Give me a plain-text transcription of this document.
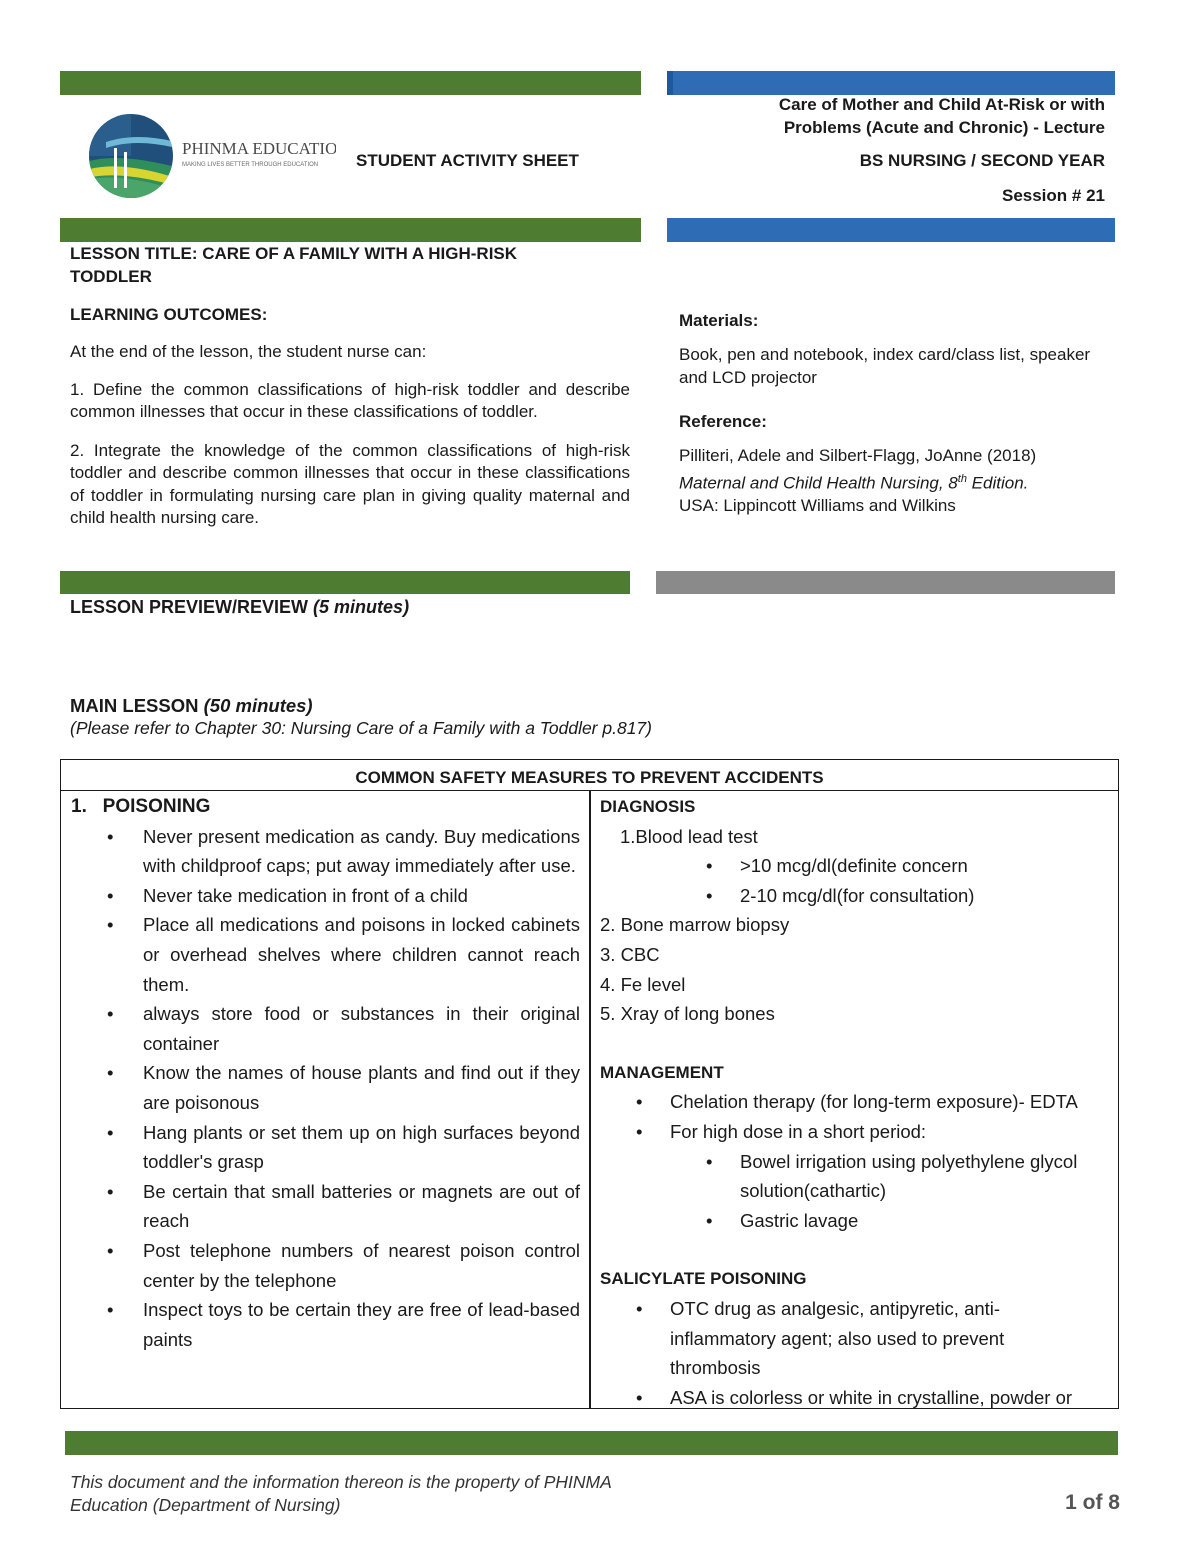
PHINMA EDUCATION
MAKING LIVES BETTER THROUGH EDUCATION STUDENT ACTIVITY SHEET
Care of Mother and Child At-Risk or with
Problems (Acute and Chronic) - Lecture
BS NURSING / SECOND YEAR
Session # 21
LESSON TITLE: CARE OF A FAMILY WITH A HIGH-RISK
TODDLER
LEARNING OUTCOMES:

At the end of the lesson, the student nurse can:

1. Define the common classifications of high-risk toddler and describe common illnesses that occur in these classifications of toddler.

2. Integrate the knowledge of the common classifications of high-risk toddler and describe common illnesses that occur in these classifications of toddler in formulating nursing care plan in giving quality maternal and child health nursing care.

Materials:

Book, pen and notebook, index card/class list, speaker and LCD projector

Reference:

Pilliteri, Adele and Silbert-Flagg, JoAnne (2018)

Maternal and Child Health Nursing, 8th Edition.

USA: Lippincott Williams and Wilkins

LESSON PREVIEW/REVIEW (5 minutes)
MAIN LESSON (50 minutes)
(Please refer to Chapter 30: Nursing Care of a Family with a Toddler p.817)
COMMON SAFETY MEASURES TO PREVENT ACCIDENTS
1.   POISONING
• Never present medication as candy. Buy medications with childproof caps; put away immediately after use.
• Never take medication in front of a child
• Place all medications and poisons in locked cabinets or overhead shelves where children cannot reach them.
• always store food or substances in their original container
• Know the names of house plants and find out if they are poisonous
• Hang plants or set them up on high surfaces beyond toddler's grasp
• Be certain that small batteries or magnets are out of reach
• Post telephone numbers of nearest poison control center by the telephone
• Inspect toys to be certain they are free of lead-based paints
DIAGNOSIS
1.Blood lead test
• >10 mcg/dl(definite concern
• 2-10 mcg/dl(for consultation)
2. Bone marrow biopsy
3. CBC
4. Fe level
5. Xray of long bones
MANAGEMENT
• Chelation therapy (for long-term exposure)- EDTA
• For high dose in a short period:
• Bowel irrigation using polyethylene glycol solution(cathartic)
• Gastric lavage
SALICYLATE POISONING
• OTC drug as analgesic, antipyretic, anti-inflammatory agent; also used to prevent thrombosis
• ASA is colorless or white in crystalline, powder or
This document and the information thereon is the property of PHINMA
Education (Department of Nursing)	1 of 8
